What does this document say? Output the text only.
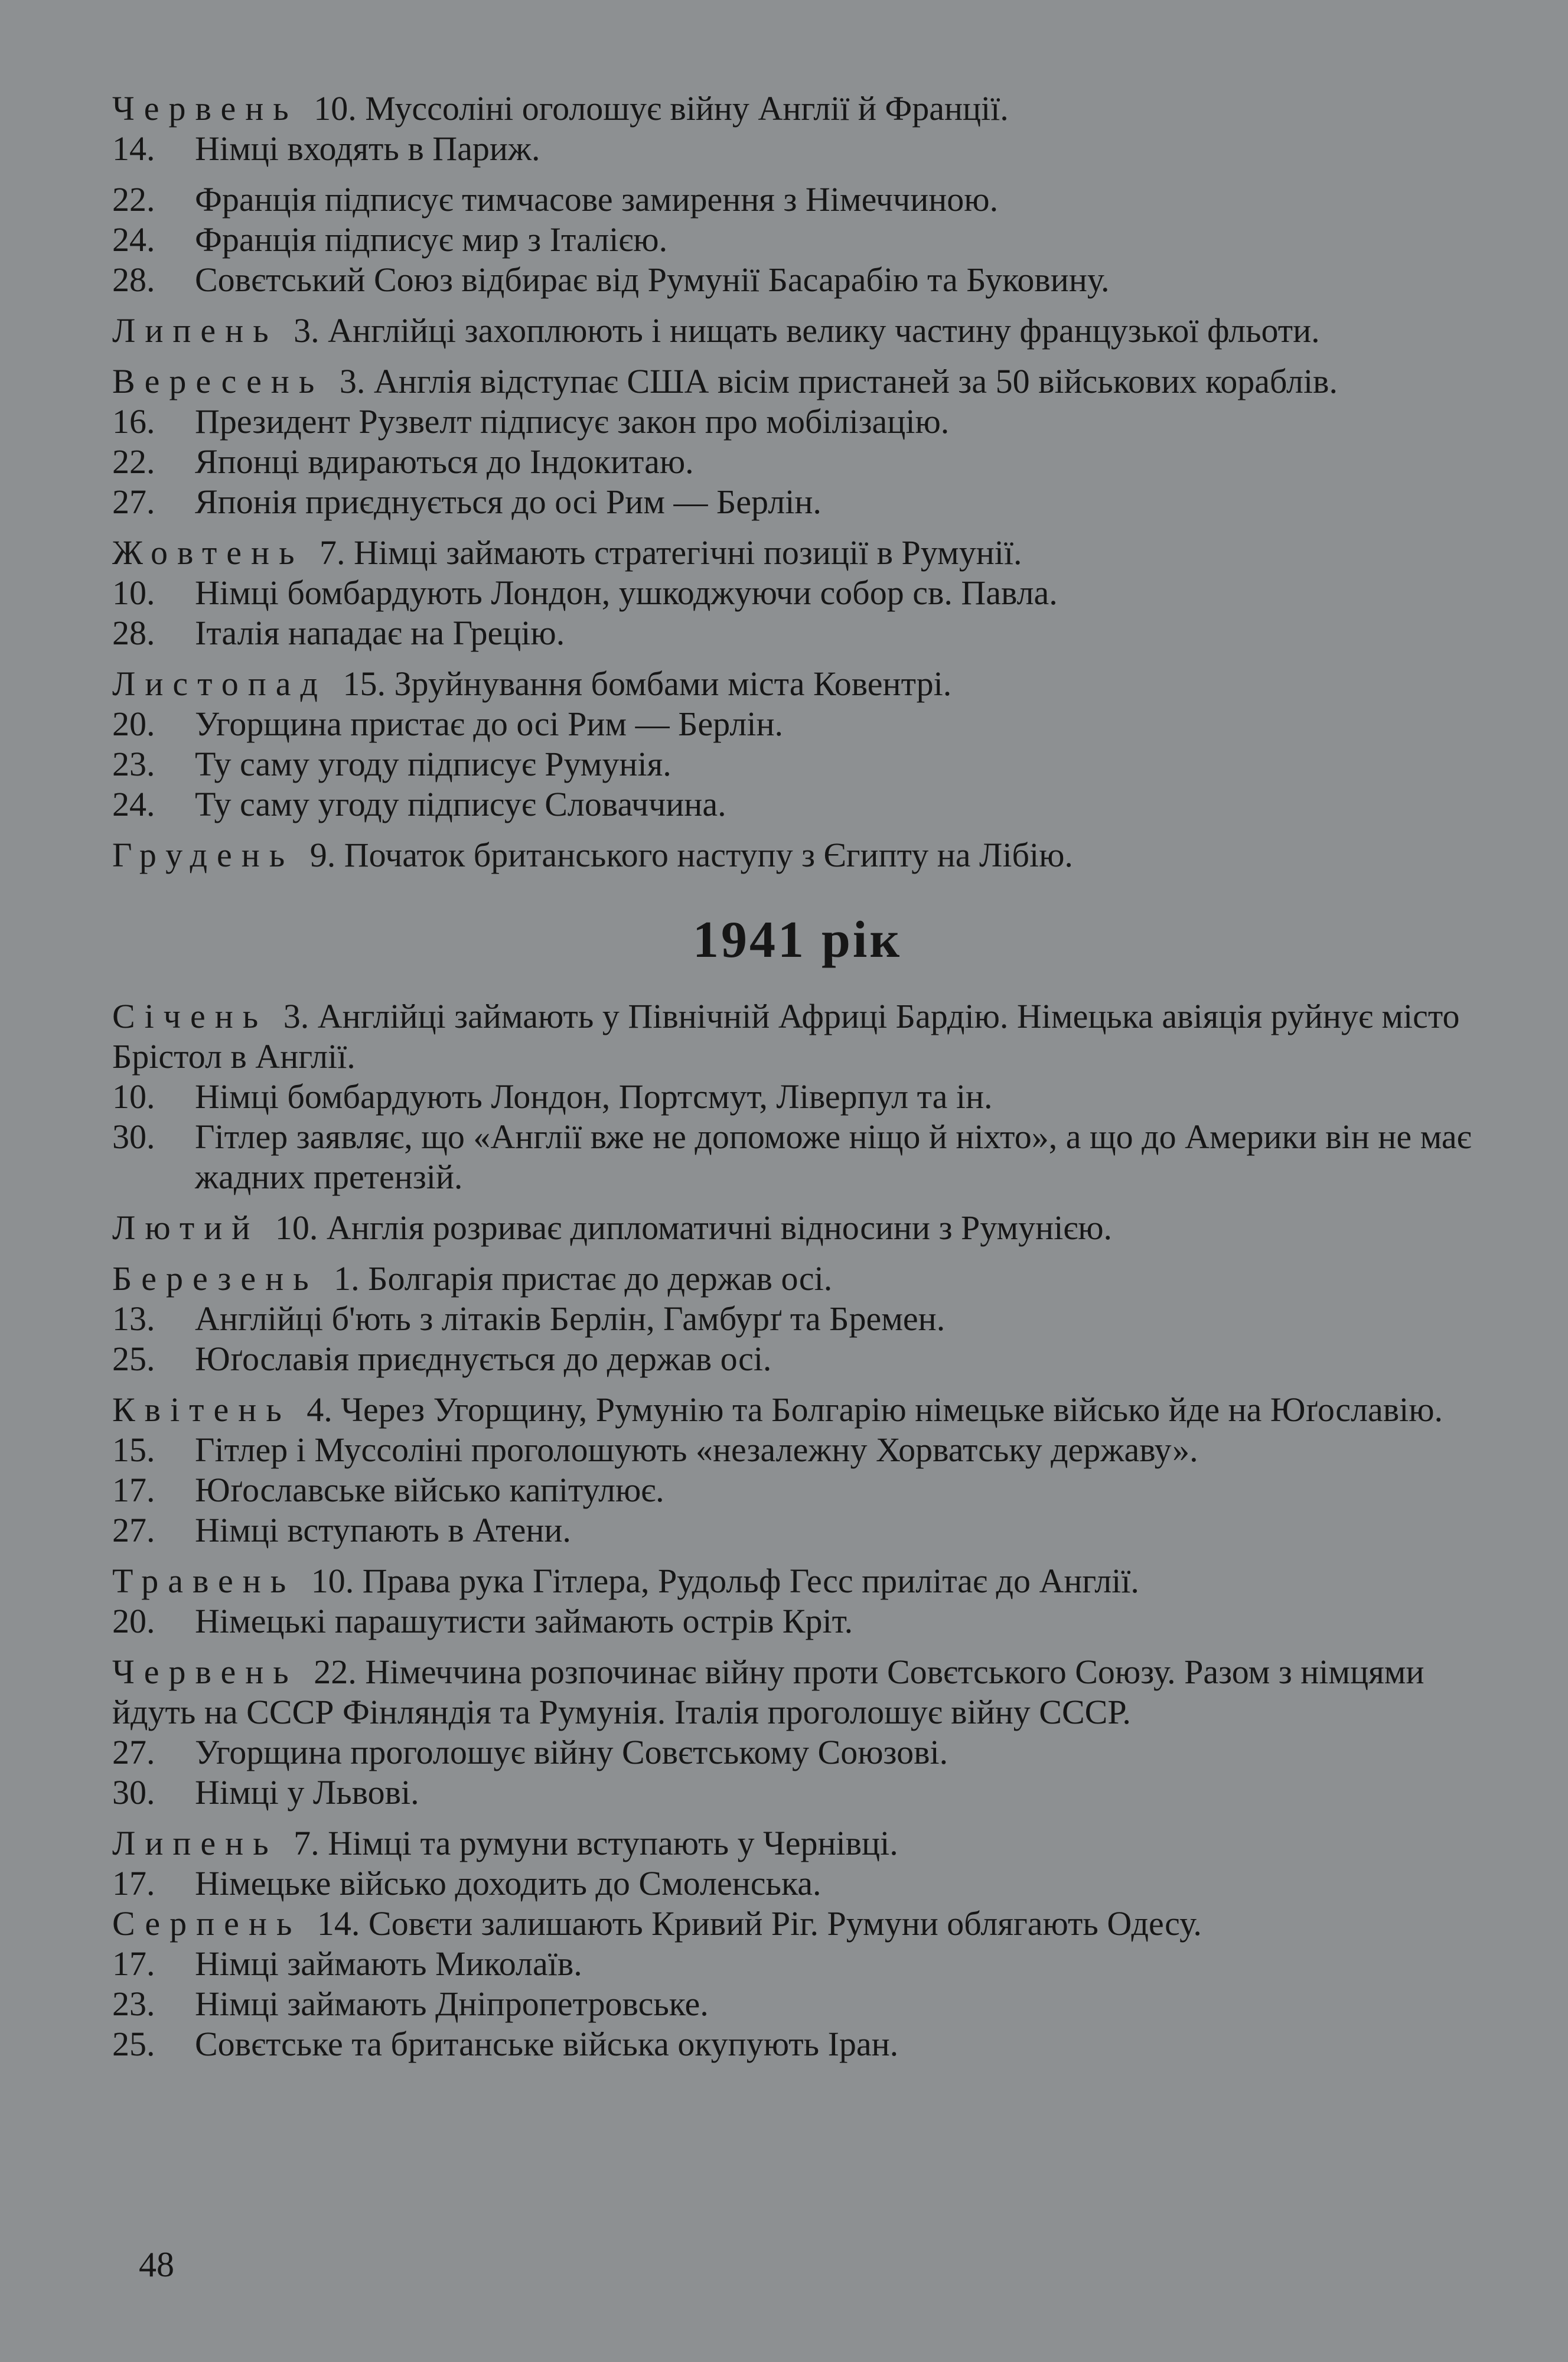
Червень 10. Муссоліні оголошує війну Англії й Франції.
14.	Німці входять в Париж.
22.	Франція підписує тимчасове замирення з Німеччиною.
24.	Франція підписує мир з Італією.
28.	Совєтський Союз відбирає від Румунії Басарабію та Буковину.
Липень 3. Англійці захоплюють і нищать велику частину французької фльоти.
Вересень 3. Англія відступає США вісім пристаней за 50 військових кораблів.
16.	Президент Рузвелт підписує закон про мобілізацію.
22.	Японці вдираються до Індокитаю.
27.	Японія приєднується до осі Рим — Берлін.
Жовтень 7. Німці займають стратегічні позиції в Румунії.
10.	Німці бомбардують Лондон, ушкоджуючи собор св. Павла.
28.	Італія нападає на Грецію.
Листопад 15. Зруйнування бомбами міста Ковентрі.
20.	Угорщина пристає до осі Рим — Берлін.
23.	Ту саму угоду підписує Румунія.
24.	Ту саму угоду підписує Словаччина.
Грудень 9. Початок британського наступу з Єгипту на Лібію.
1941 рік
Січень 3. Англійці займають у Північній Африці Бардію. Німецька авіяція руйнує місто Брістол в Англії.
10.	Німці бомбардують Лондон, Портсмут, Ліверпул та ін.
30.	Гітлер заявляє, що «Англії вже не допоможе ніщо й ніхто», а що до Америки він не має жадних претензій.
Лютий 10. Англія розриває дипломатичні відносини з Румунією.
Березень 1. Болгарія пристає до держав осі.
13.	Англійці б'ють з літаків Берлін, Гамбурґ та Бремен.
25.	Юґославія приєднується до держав осі.
Квітень 4. Через Угорщину, Румунію та Болгарію німецьке військо йде на Юґославію.
15.	Гітлер і Муссоліні проголошують «незалежну Хорватську державу».
17.	Юґославське військо капітулює.
27.	Німці вступають в Атени.
Травень 10. Права рука Гітлера, Рудольф Гесс прилітає до Англії.
20.	Німецькі парашутисти займають острів Кріт.
Червень 22. Німеччина розпочинає війну проти Совєтського Союзу. Разом з німцями йдуть на СССР Фінляндія та Румунія. Італія проголошує війну СССР.
27.	Угорщина проголошує війну Совєтському Союзові.
30.	Німці у Львові.
Липень 7. Німці та румуни вступають у Чернівці.
17.	Німецьке військо доходить до Смоленська.
Серпень 14. Совєти залишають Кривий Ріг. Румуни облягають Одесу.
17.	Німці займають Миколаїв.
23.	Німці займають Дніпропетровське.
25.	Совєтське та британське війська окупують Іран.
48
